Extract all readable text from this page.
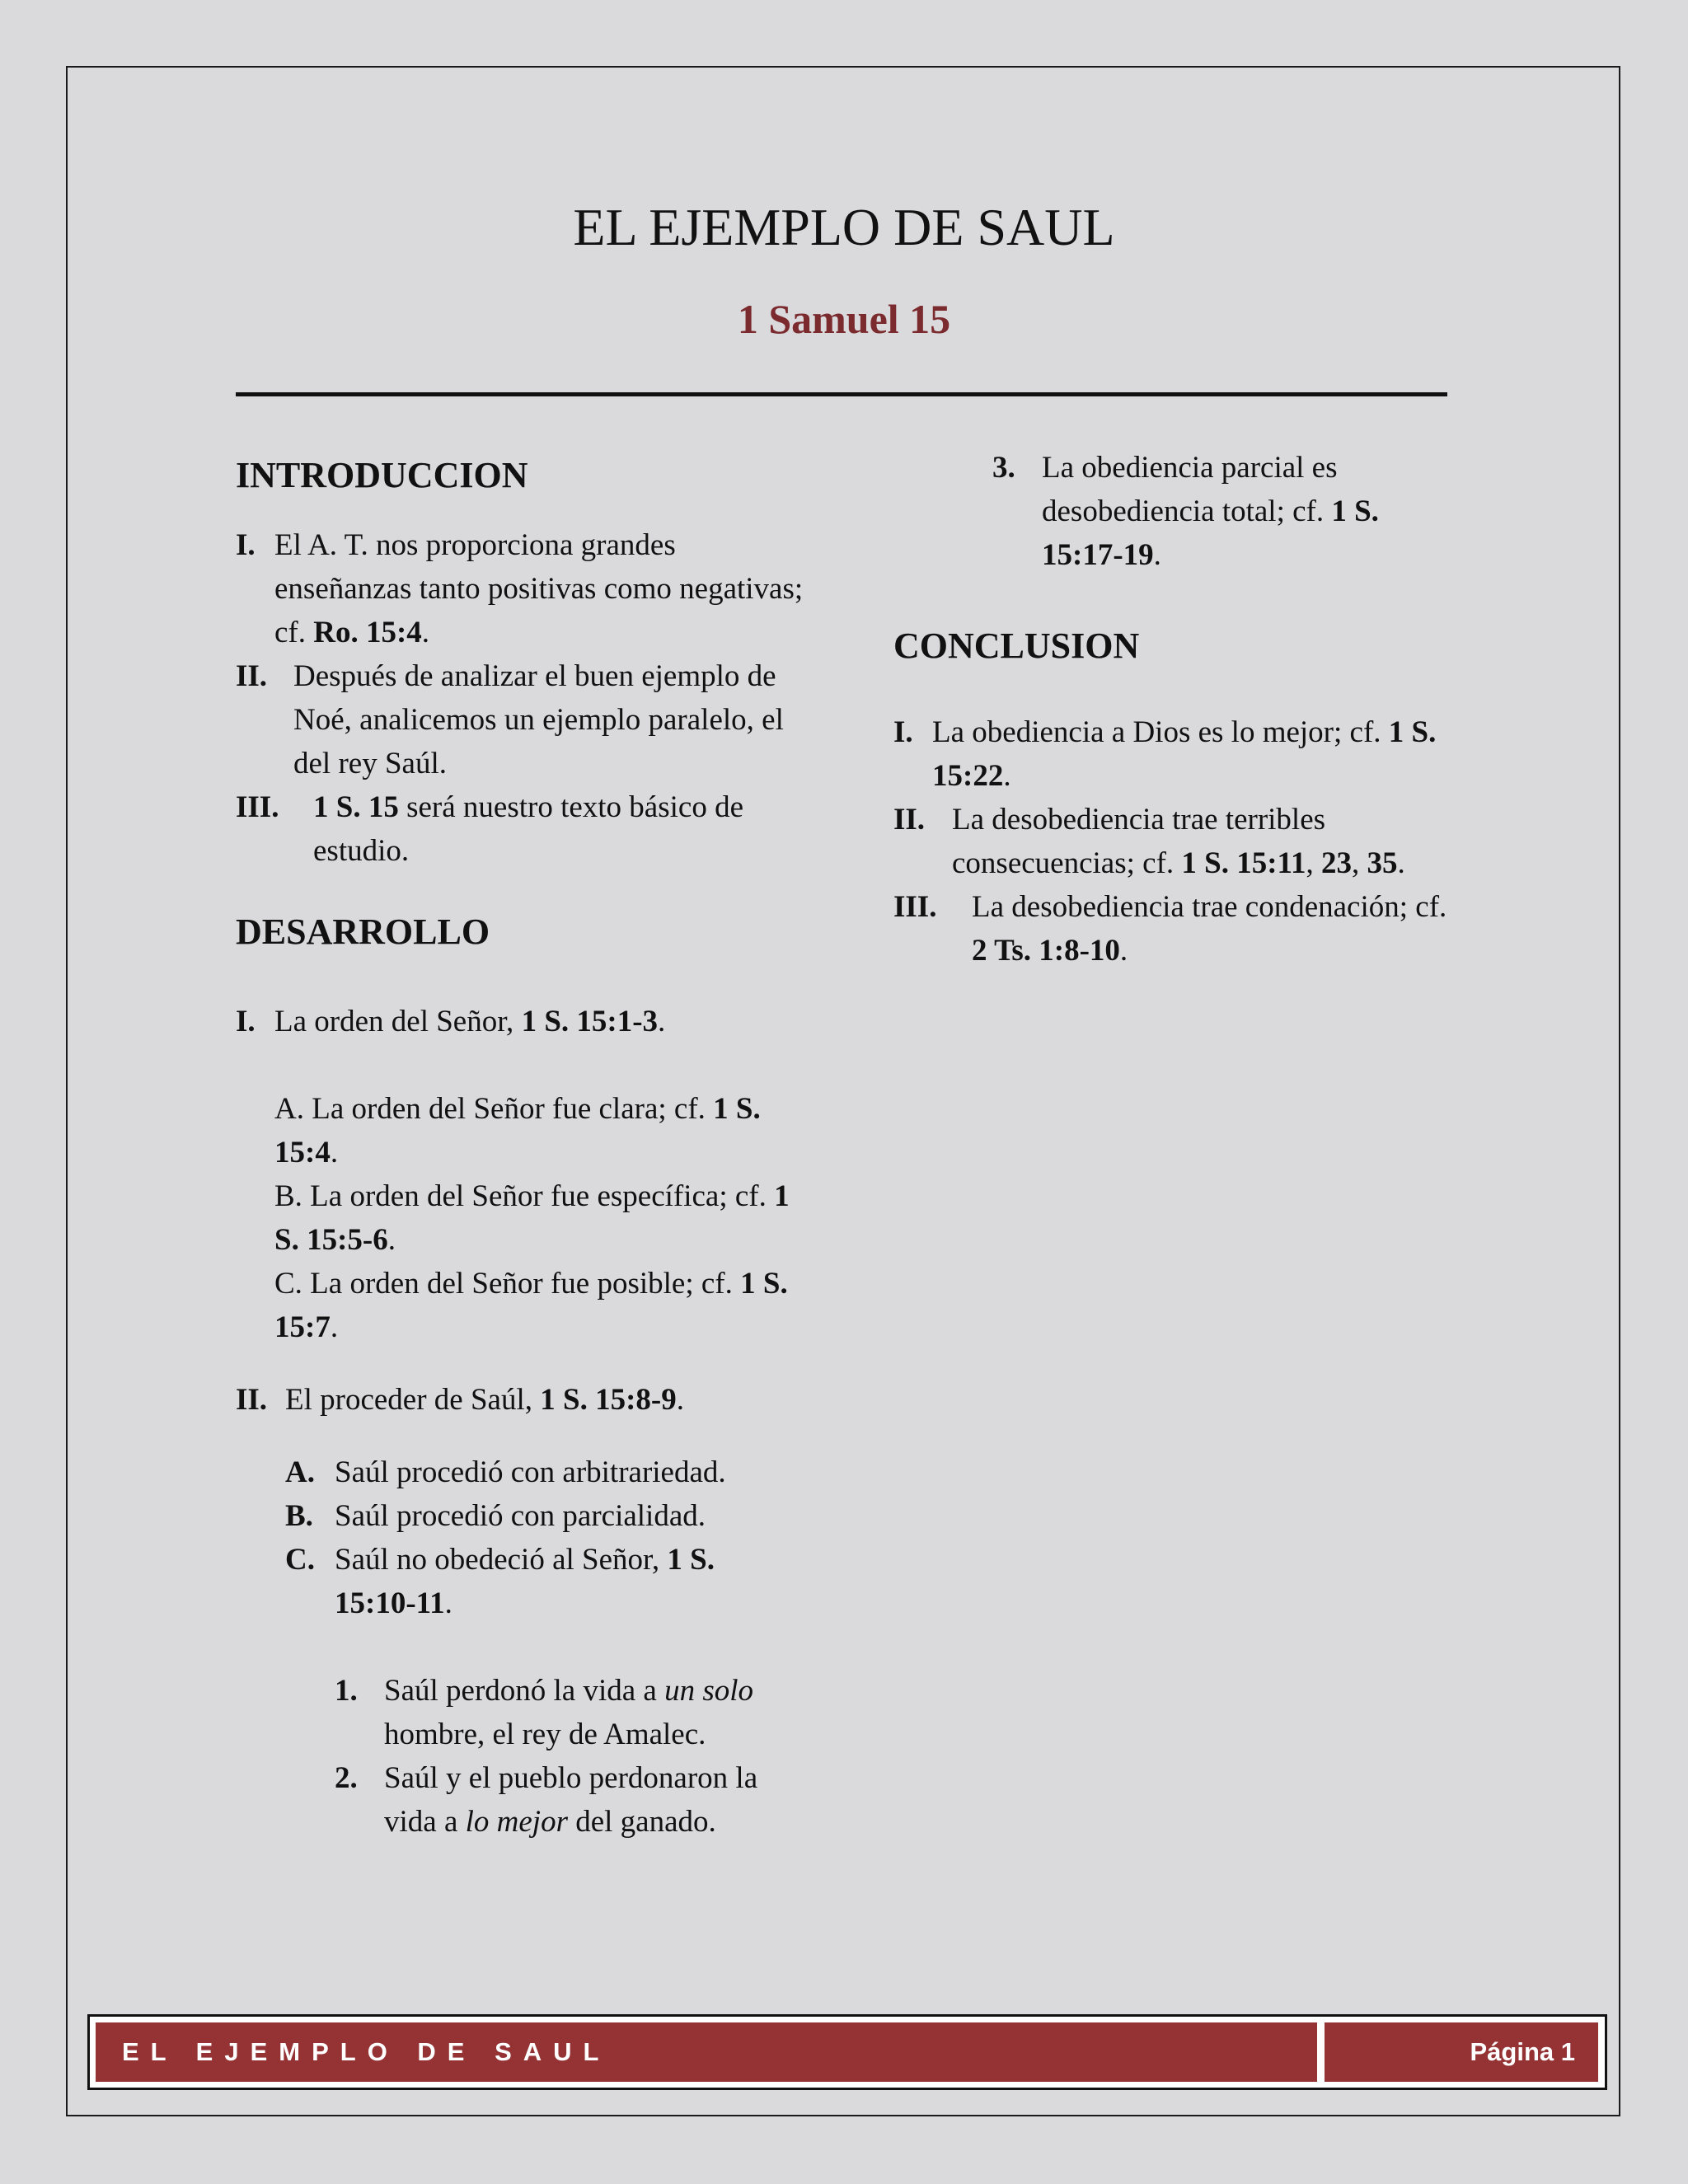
EL EJEMPLO DE SAUL
1 Samuel 15

INTRODUCCION

I. El A. T. nos proporciona grandes enseñanzas tanto positivas como negativas; cf. Ro. 15:4.
II. Después de analizar el buen ejemplo de Noé, analicemos un ejemplo paralelo, el del rey Saúl.
III. 1 S. 15 será nuestro texto básico de estudio.

DESARROLLO

I. La orden del Señor, 1 S. 15:1-3.
A. La orden del Señor fue clara; cf. 1 S. 15:4.
B. La orden del Señor fue específica; cf. 1 S. 15:5-6.
C. La orden del Señor fue posible; cf. 1 S. 15:7.
II. El proceder de Saúl, 1 S. 15:8-9.
A. Saúl procedió con arbitrariedad.
B. Saúl procedió con parcialidad.
C. Saúl no obedeció al Señor, 1 S. 15:10-11.
1. Saúl perdonó la vida a un solo hombre, el rey de Amalec.
2. Saúl y el pueblo perdonaron la vida a lo mejor del ganado.
3. La obediencia parcial es desobediencia total; cf. 1 S. 15:17-19.

CONCLUSION

I. La obediencia a Dios es lo mejor; cf. 1 S. 15:22.
II. La desobediencia trae terribles consecuencias; cf. 1 S. 15:11, 23, 35.
III. La desobediencia trae condenación; cf. 2 Ts. 1:8-10.
EL EJEMPLO DE SAUL	Página 1
